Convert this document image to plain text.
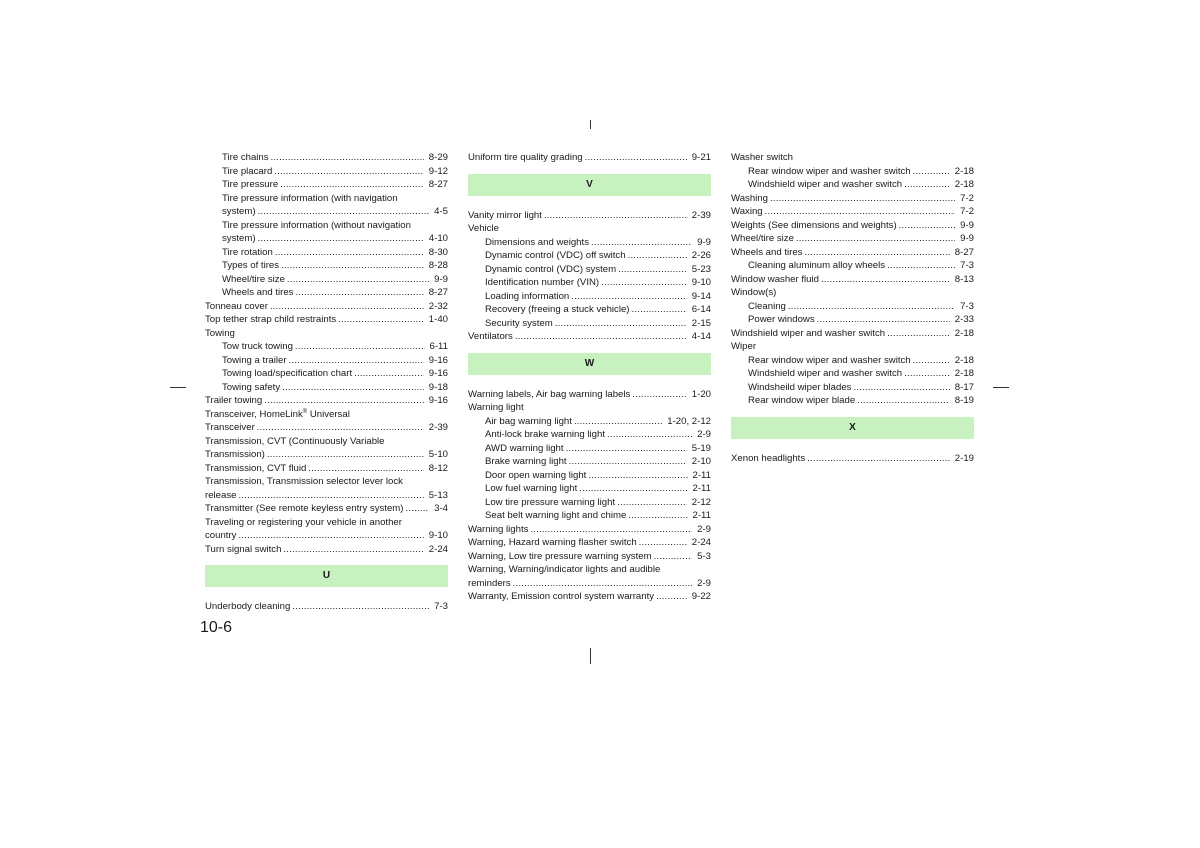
Tire chains .....	8-29
Tire placard .....	9-12
Tire pressure .....	8-27
Tire pressure information (with navigation
system) .....	4-5
Tire pressure information (without navigation
system) .....	4-10
Tire rotation .....	8-30
Types of tires .....	8-28
Wheel/tire size .....	9-9
Wheels and tires .....	8-27
Tonneau cover .....	2-32
Top tether strap child restraints .....	1-40
Towing
Tow truck towing .....	6-11
Towing a trailer .....	9-16
Towing load/specification chart .....	9-16
Towing safety .....	9-18
Trailer towing .....	9-16
Transceiver, HomeLink® Universal
Transceiver .....	2-39
Transmission, CVT (Continuously Variable
Transmission) .....	5-10
Transmission, CVT fluid .....	8-12
Transmission, Transmission selector lever lock
release .....	5-13
Transmitter (See remote keyless entry system) .....	3-4
Traveling or registering your vehicle in another
country .....	9-10
Turn signal switch .....	2-24
U
Underbody cleaning .....	7-3
Uniform tire quality grading .....	9-21
V
Vanity mirror light .....	2-39
Vehicle
Dimensions and weights .....	9-9
Dynamic control (VDC) off switch .....	2-26
Dynamic control (VDC) system .....	5-23
Identification number (VIN) .....	9-10
Loading information .....	9-14
Recovery (freeing a stuck vehicle) .....	6-14
Security system .....	2-15
Ventilators .....	4-14
W
Warning labels, Air bag warning labels .....	1-20
Warning light
Air bag warning light .....	1-20, 2-12
Anti-lock brake warning light .....	2-9
AWD warning light .....	5-19
Brake warning light .....	2-10
Door open warning light .....	2-11
Low fuel warning light .....	2-11
Low tire pressure warning light .....	2-12
Seat belt warning light and chime .....	2-11
Warning lights .....	2-9
Warning, Hazard warning flasher switch .....	2-24
Warning, Low tire pressure warning system .....	5-3
Warning, Warning/indicator lights and audible
reminders .....	2-9
Warranty, Emission control system warranty .....	9-22
Washer switch
Rear window wiper and washer switch .....	2-18
Windshield wiper and washer switch .....	2-18
Washing .....	7-2
Waxing .....	7-2
Weights (See dimensions and weights) .....	9-9
Wheel/tire size .....	9-9
Wheels and tires .....	8-27
Cleaning aluminum alloy wheels .....	7-3
Window washer fluid .....	8-13
Window(s)
Cleaning .....	7-3
Power windows .....	2-33
Windshield wiper and washer switch .....	2-18
Wiper
Rear window wiper and washer switch .....	2-18
Windshield wiper and washer switch .....	2-18
Windsheild wiper blades .....	8-17
Rear window wiper blade .....	8-19
X
Xenon headlights .....	2-19
10-6
